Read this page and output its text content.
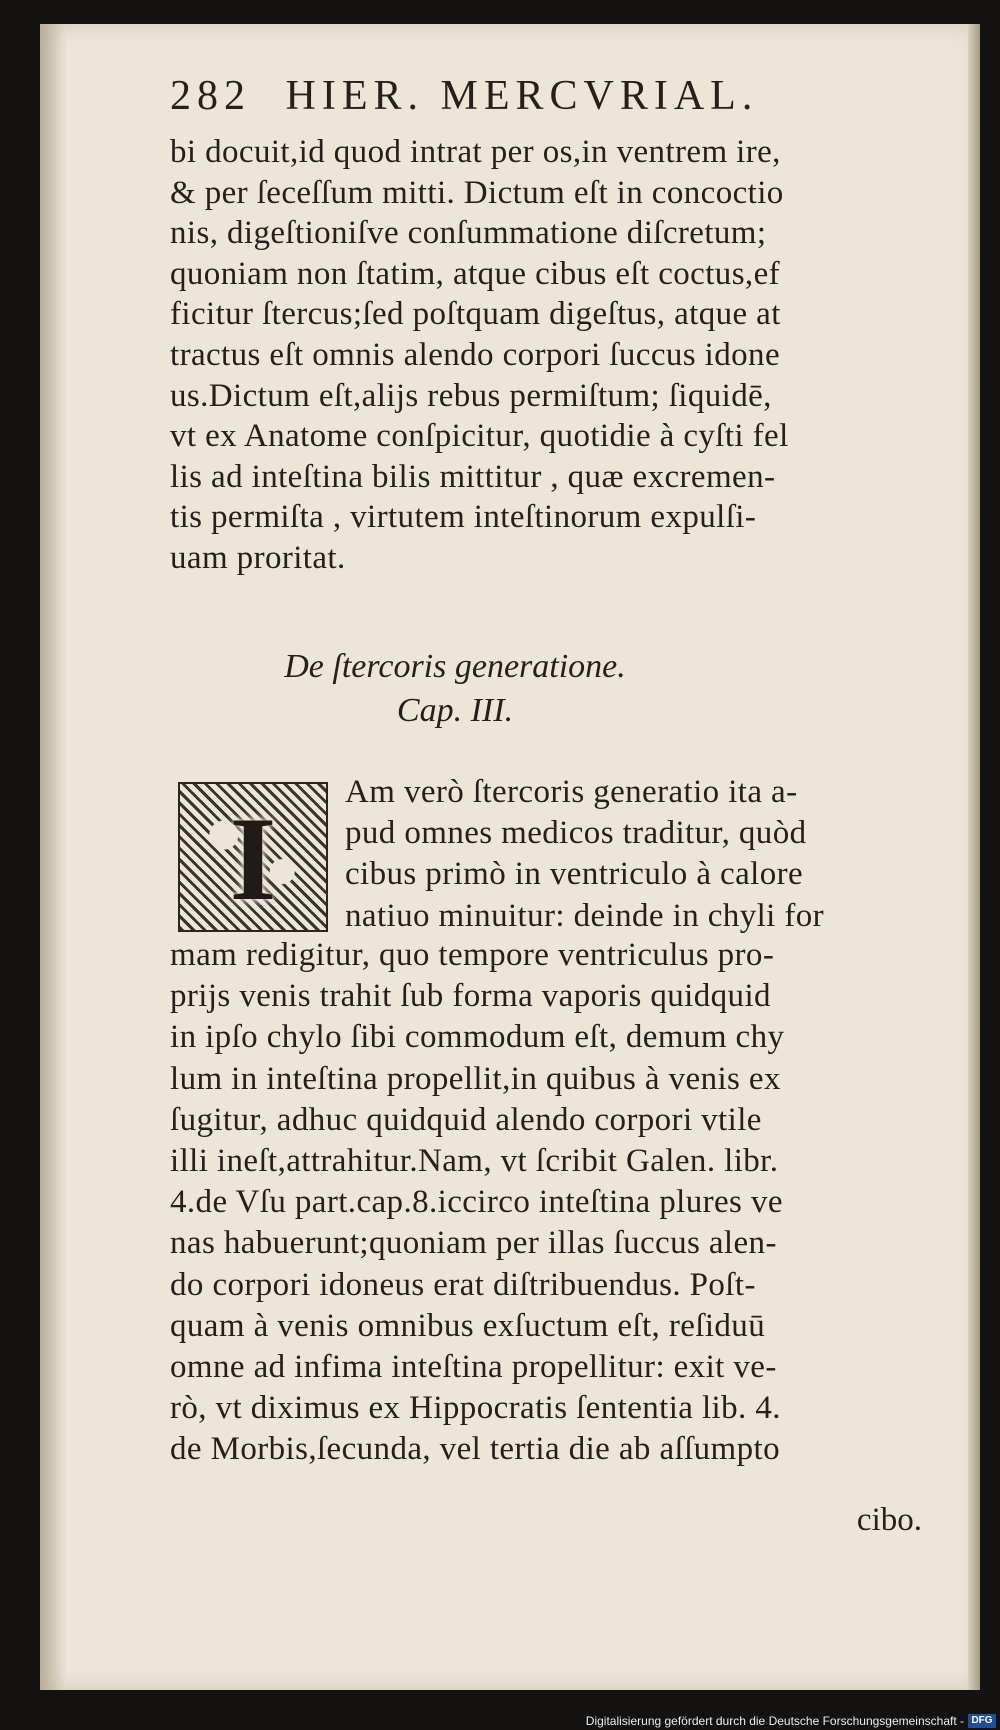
282 HIER. MERCVRIAL.
bi docuit,id quod intrat per os,in ventrem ire,
& per ſeceſſum mitti. Dictum eſt in concoctio
nis, digeſtioniſve conſummatione diſcretum;
quoniam non ſtatim, atque cibus eſt coctus,ef
ficitur ſtercus;ſed poſtquam digeſtus, atque at
tractus eſt omnis alendo corpori ſuccus idone
us.Dictum eſt,alijs rebus permiſtum; ſiquidē,
vt ex Anatome conſpicitur, quotidie à cyſti fel
lis ad inteſtina bilis mittitur , quæ excremen-
tis permiſta , virtutem inteſtinorum expulſi-
uam proritat.
De ſtercoris generatione.
Cap. III.
I	Am verò ſtercoris generatio ita a-
pud omnes medicos traditur, quòd
cibus primò in ventriculo à calore
natiuo minuitur: deinde in chyli for
mam redigitur, quo tempore ventriculus pro-
prijs venis trahit ſub forma vaporis quidquid
in ipſo chylo ſibi commodum eſt, demum chy
lum in inteſtina propellit,in quibus à venis ex
ſugitur, adhuc quidquid alendo corpori vtile
illi ineſt,attrahitur.Nam, vt ſcribit Galen. libr.
4.de Vſu part.cap.8.iccirco inteſtina plures ve
nas habuerunt;quoniam per illas ſuccus alen-
do corpori idoneus erat diſtribuendus. Poſt-
quam à venis omnibus exſuctum eſt, reſiduū
omne ad infima inteſtina propellitur: exit ve-
rò, vt diximus ex Hippocratis ſententia lib. 4.
de Morbis,ſecunda, vel tertia die ab aſſumpto
cibo.
Digitalisierung gefördert durch die Deutsche Forschungsgemeinschaft - DFG
